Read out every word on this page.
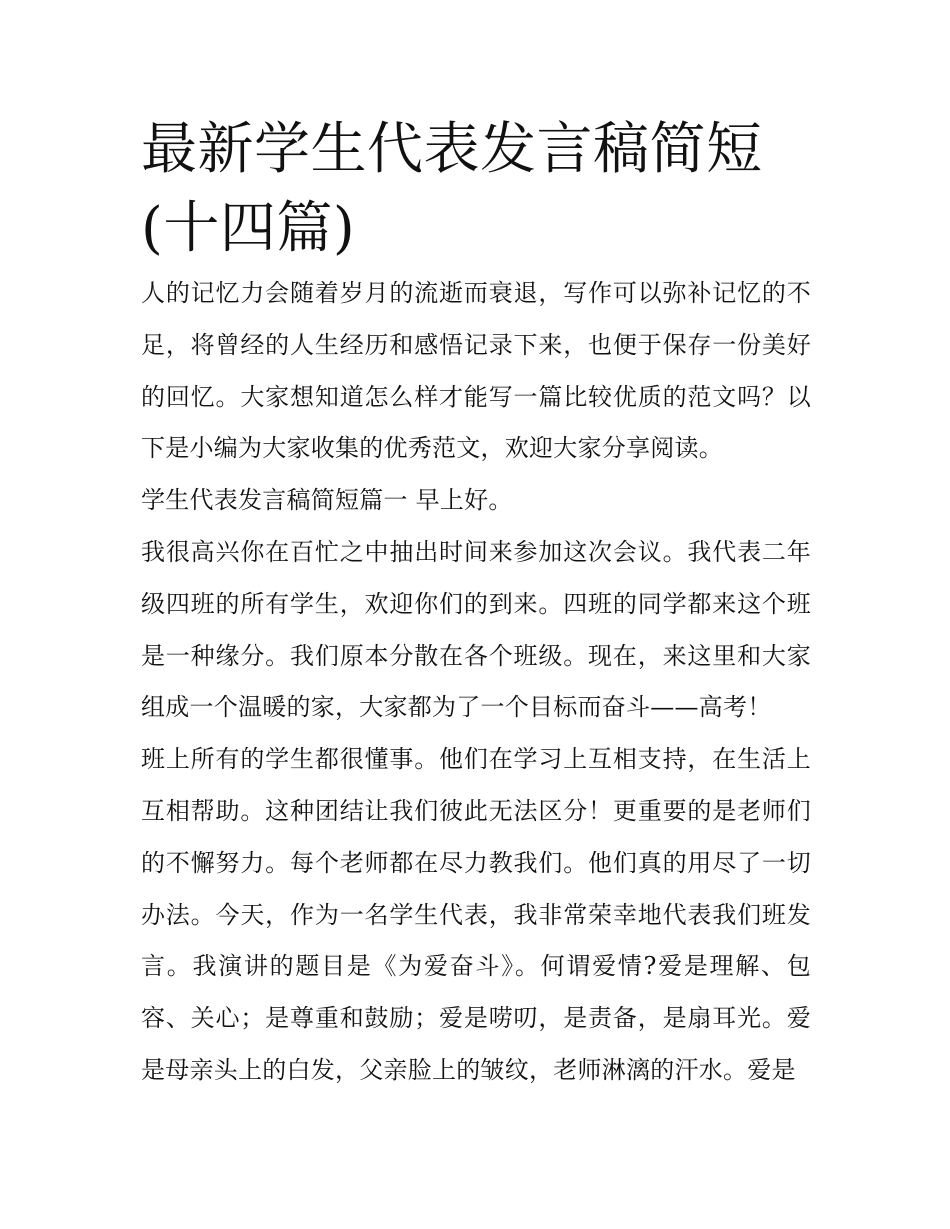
最新学生代表发言稿简短(十四篇)

人的记忆力会随着岁月的流逝而衰退，写作可以弥补记忆的不足，将曾经的人生经历和感悟记录下来，也便于保存一份美好的回忆。大家想知道怎么样才能写一篇比较优质的范文吗？以下是小编为大家收集的优秀范文，欢迎大家分享阅读。

学生代表发言稿简短篇一 早上好。

我很高兴你在百忙之中抽出时间来参加这次会议。我代表二年级四班的所有学生，欢迎你们的到来。四班的同学都来这个班是一种缘分。我们原本分散在各个班级。现在，来这里和大家组成一个温暖的家，大家都为了一个目标而奋斗——高考！

班上所有的学生都很懂事。他们在学习上互相支持，在生活上互相帮助。这种团结让我们彼此无法区分！更重要的是老师们的不懈努力。每个老师都在尽力教我们。他们真的用尽了一切办法。今天，作为一名学生代表，我非常荣幸地代表我们班发言。我演讲的题目是《为爱奋斗》。何谓爱情?爱是理解、包容、关心；是尊重和鼓励；爱是唠叨，是责备，是扇耳光。爱是母亲头上的白发，父亲脸上的皱纹，老师淋漓的汗水。爱是
